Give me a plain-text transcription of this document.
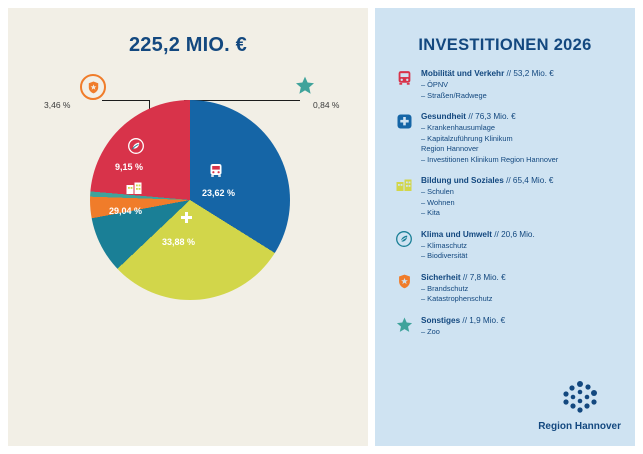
225,2 MIO. €
3,46 %	0,84 %
33,88 %
29,04 %
9,15 %
23,62 %
INVESTITIONEN 2026
Mobilität und Verkehr // 53,2 Mio. €
– ÖPNV
– Straßen/Radwege
Gesundheit // 76,3 Mio. €
– Krankenhausumlage
– Kapitalzuführung Klinikum
Region Hannover
– Investitionen Klinikum Region Hannover
Bildung und Soziales // 65,4 Mio. €
– Schulen
– Wohnen
– Kita
Klima und Umwelt // 20,6 Mio.
– Klimaschutz
– Biodiversität
Sicherheit // 7,8 Mio. €
– Brandschutz
– Katastrophenschutz
Sonstiges // 1,9 Mio. €
– Zoo
Region Hannover
